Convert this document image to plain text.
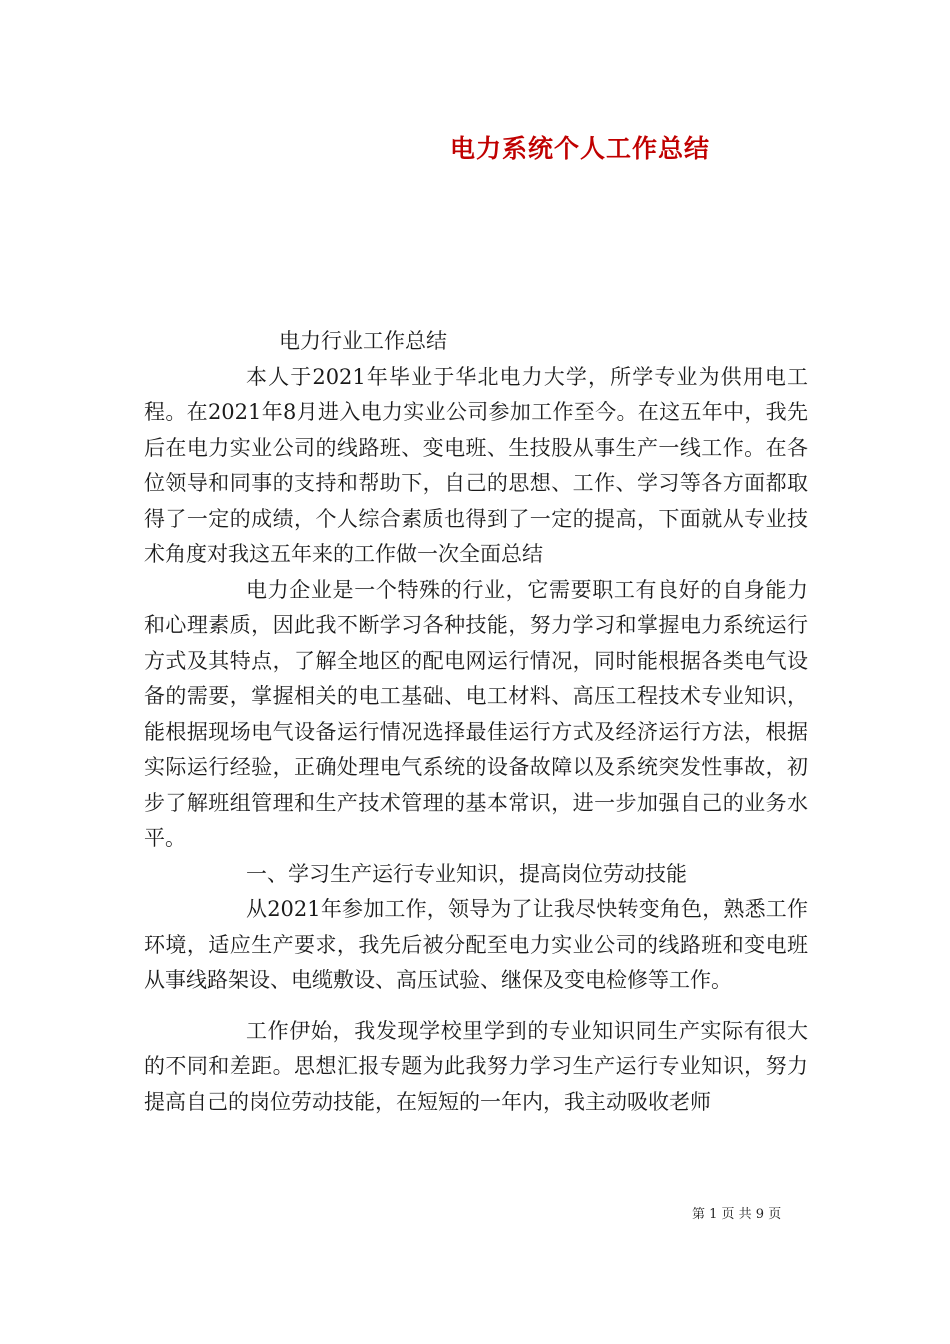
电力系统个人工作总结

电力行业工作总结

本人于2021年毕业于华北电力大学，所学专业为供用电工程。在2021年8月进入电力实业公司参加工作至今。在这五年中，我先后在电力实业公司的线路班、变电班、生技股从事生产一线工作。在各位领导和同事的支持和帮助下，自己的思想、工作、学习等各方面都取得了一定的成绩，个人综合素质也得到了一定的提高，下面就从专业技术角度对我这五年来的工作做一次全面总结

电力企业是一个特殊的行业，它需要职工有良好的自身能力和心理素质，因此我不断学习各种技能，努力学习和掌握电力系统运行方式及其特点，了解全地区的配电网运行情况，同时能根据各类电气设备的需要，掌握相关的电工基础、电工材料、高压工程技术专业知识，能根据现场电气设备运行情况选择最佳运行方式及经济运行方法，根据实际运行经验，正确处理电气系统的设备故障以及系统突发性事故，初步了解班组管理和生产技术管理的基本常识，进一步加强自己的业务水平。

一、学习生产运行专业知识，提高岗位劳动技能

从2021年参加工作，领导为了让我尽快转变角色，熟悉工作环境，适应生产要求，我先后被分配至电力实业公司的线路班和变电班从事线路架设、电缆敷设、高压试验、继保及变电检修等工作。

工作伊始，我发现学校里学到的专业知识同生产实际有很大的不同和差距。思想汇报专题为此我努力学习生产运行专业知识，努力提高自己的岗位劳动技能，在短短的一年内，我主动吸收老师

第 1 页 共 9 页
